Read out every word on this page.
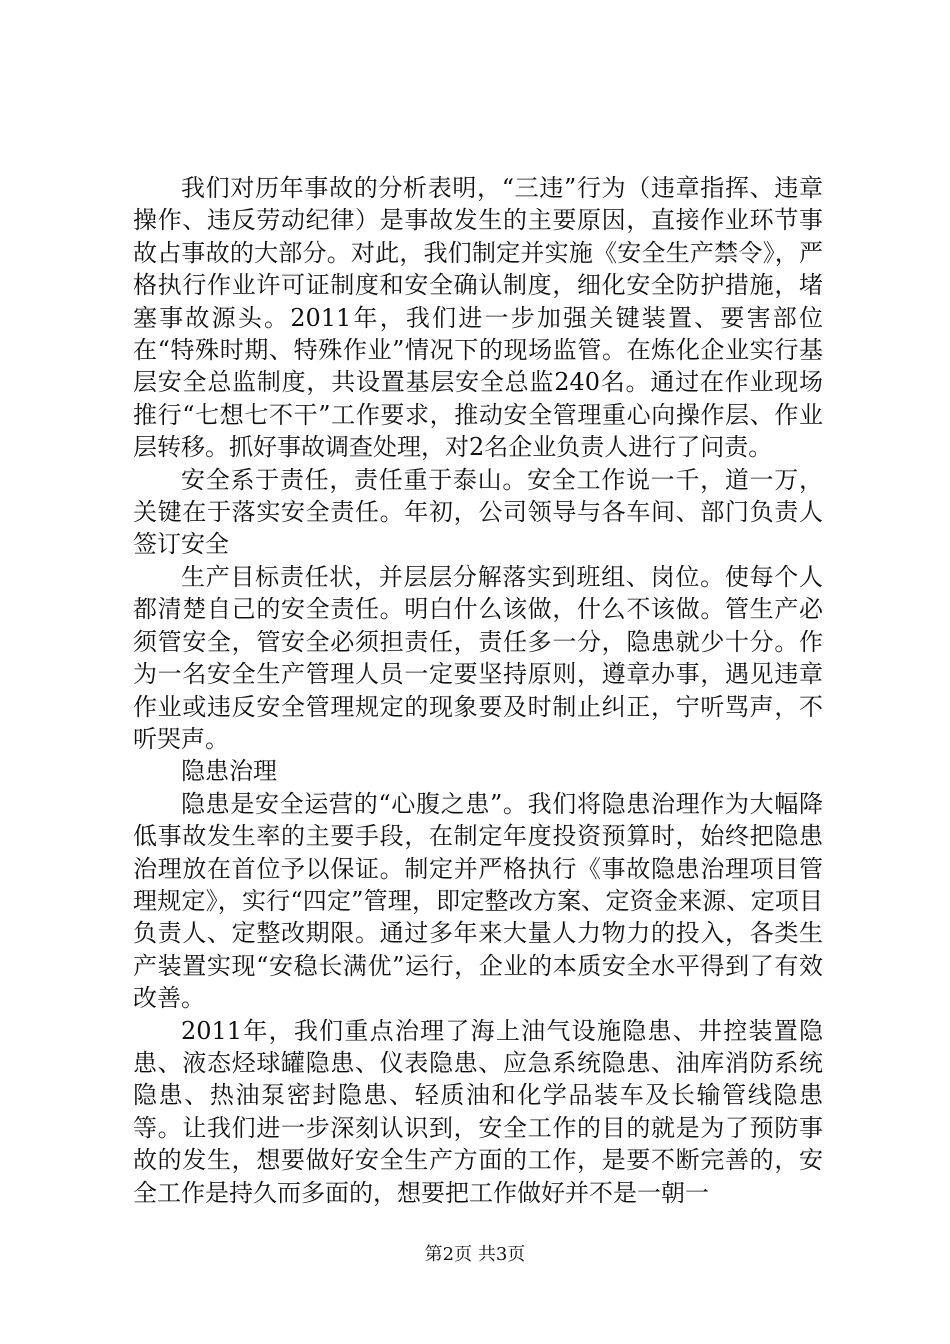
我们对历年事故的分析表明，“三违”行为（违章指挥、违章操作、违反劳动纪律）是事故发生的主要原因，直接作业环节事故占事故的大部分。对此，我们制定并实施《安全生产禁令》，严格执行作业许可证制度和安全确认制度，细化安全防护措施，堵塞事故源头。2011年，我们进一步加强关键装置、要害部位在“特殊时期、特殊作业”情况下的现场监管。在炼化企业实行基层安全总监制度，共设置基层安全总监240名。通过在作业现场推行“七想七不干”工作要求，推动安全管理重心向操作层、作业层转移。抓好事故调查处理，对2名企业负责人进行了问责。

安全系于责任，责任重于泰山。安全工作说一千，道一万，关键在于落实安全责任。年初，公司领导与各车间、部门负责人签订安全

生产目标责任状，并层层分解落实到班组、岗位。使每个人都清楚自己的安全责任。明白什么该做，什么不该做。管生产必须管安全，管安全必须担责任，责任多一分，隐患就少十分。作为一名安全生产管理人员一定要坚持原则，遵章办事，遇见违章作业或违反安全管理规定的现象要及时制止纠正，宁听骂声，不听哭声。

隐患治理

隐患是安全运营的“心腹之患”。我们将隐患治理作为大幅降低事故发生率的主要手段，在制定年度投资预算时，始终把隐患治理放在首位予以保证。制定并严格执行《事故隐患治理项目管理规定》，实行“四定”管理，即定整改方案、定资金来源、定项目负责人、定整改期限。通过多年来大量人力物力的投入，各类生产装置实现“安稳长满优”运行，企业的本质安全水平得到了有效改善。

2011年，我们重点治理了海上油气设施隐患、井控装置隐患、液态烃球罐隐患、仪表隐患、应急系统隐患、油库消防系统隐患、热油泵密封隐患、轻质油和化学品装车及长输管线隐患等。让我们进一步深刻认识到，安全工作的目的就是为了预防事故的发生，想要做好安全生产方面的工作，是要不断完善的，安全工作是持久而多面的，想要把工作做好并不是一朝一

第2页 共3页
